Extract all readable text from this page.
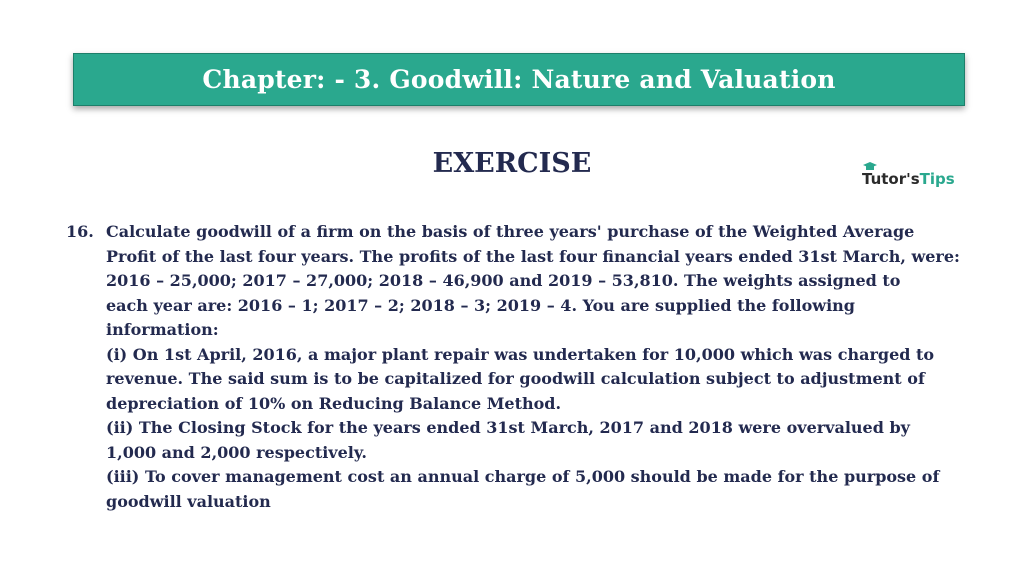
Chapter: - 3. Goodwill: Nature and Valuation
EXERCISE	Tutor's Tips
16. Calculate goodwill of a firm on the basis of three years' purchase of the Weighted Average
Profit of the last four years. The profits of the last four financial years ended 31st March, were:
2016 – 25,000; 2017 – 27,000; 2018 – 46,900 and 2019 – 53,810. The weights assigned to
each year are: 2016 – 1; 2017 – 2; 2018 – 3; 2019 – 4. You are supplied the following
information:
(i) On 1st April, 2016, a major plant repair was undertaken for 10,000 which was charged to
revenue. The said sum is to be capitalized for goodwill calculation subject to adjustment of
depreciation of 10% on Reducing Balance Method.
(ii) The Closing Stock for the years ended 31st March, 2017 and 2018 were overvalued by
1,000 and 2,000 respectively.
(iii) To cover management cost an annual charge of 5,000 should be made for the purpose of
goodwill valuation
